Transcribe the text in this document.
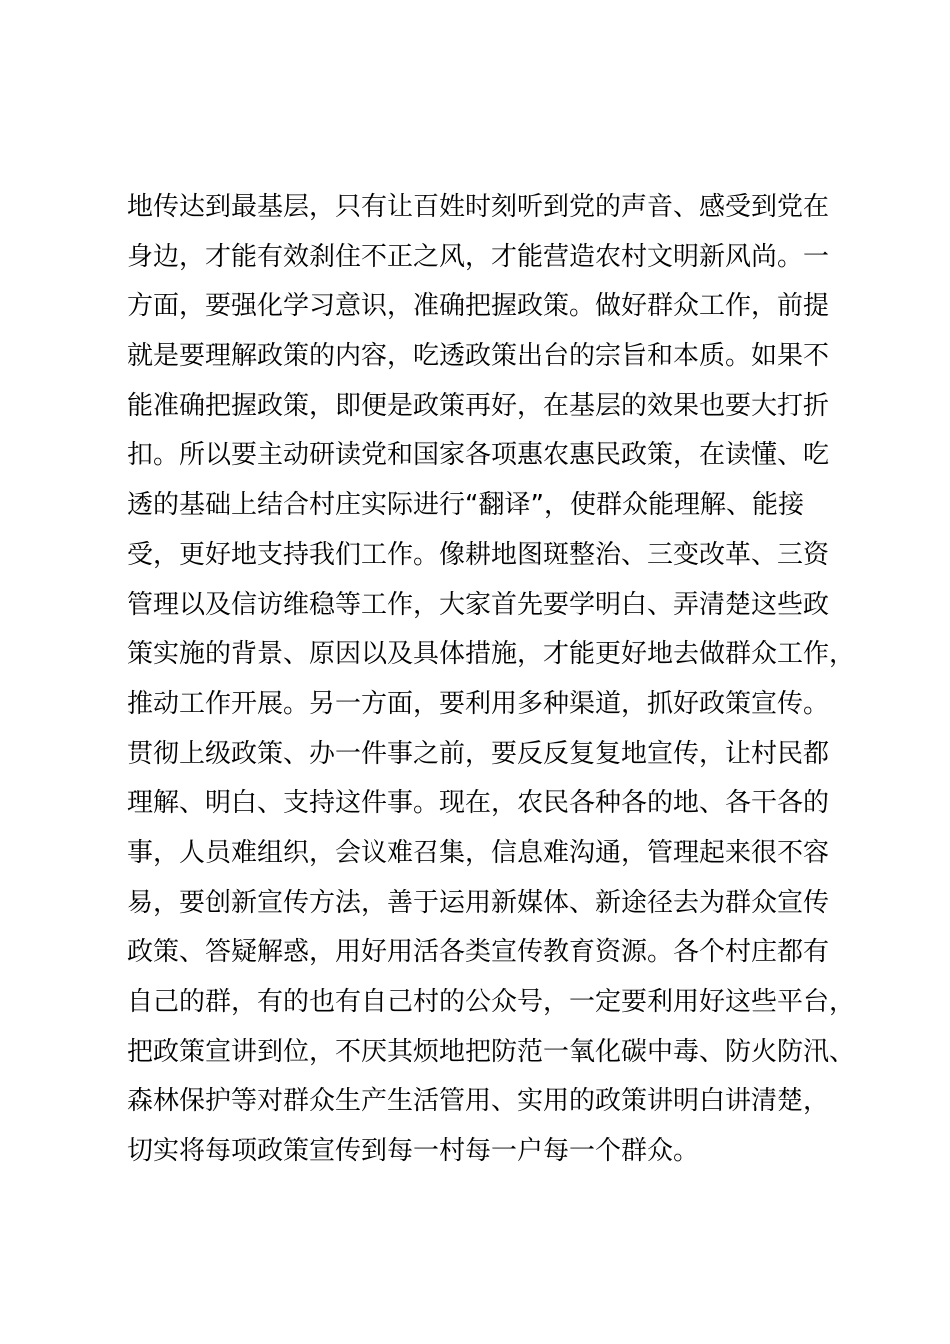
地传达到最基层，只有让百姓时刻听到党的声音、感受到党在
身边，才能有效刹住不正之风，才能营造农村文明新风尚。一
方面，要强化学习意识，准确把握政策。做好群众工作，前提
就是要理解政策的内容，吃透政策出台的宗旨和本质。如果不
能准确把握政策，即便是政策再好，在基层的效果也要大打折
扣。所以要主动研读党和国家各项惠农惠民政策，在读懂、吃
透的基础上结合村庄实际进行“翻译”，使群众能理解、能接
受，更好地支持我们工作。像耕地图斑整治、三变改革、三资
管理以及信访维稳等工作，大家首先要学明白、弄清楚这些政
策实施的背景、原因以及具体措施，才能更好地去做群众工作，
推动工作开展。另一方面，要利用多种渠道，抓好政策宣传。
贯彻上级政策、办一件事之前，要反反复复地宣传，让村民都
理解、明白、支持这件事。现在，农民各种各的地、各干各的
事，人员难组织，会议难召集，信息难沟通，管理起来很不容
易，要创新宣传方法，善于运用新媒体、新途径去为群众宣传
政策、答疑解惑，用好用活各类宣传教育资源。各个村庄都有
自己的群，有的也有自己村的公众号，一定要利用好这些平台，
把政策宣讲到位，不厌其烦地把防范一氧化碳中毒、防火防汛、
森林保护等对群众生产生活管用、实用的政策讲明白讲清楚，
切实将每项政策宣传到每一村每一户每一个群众。
